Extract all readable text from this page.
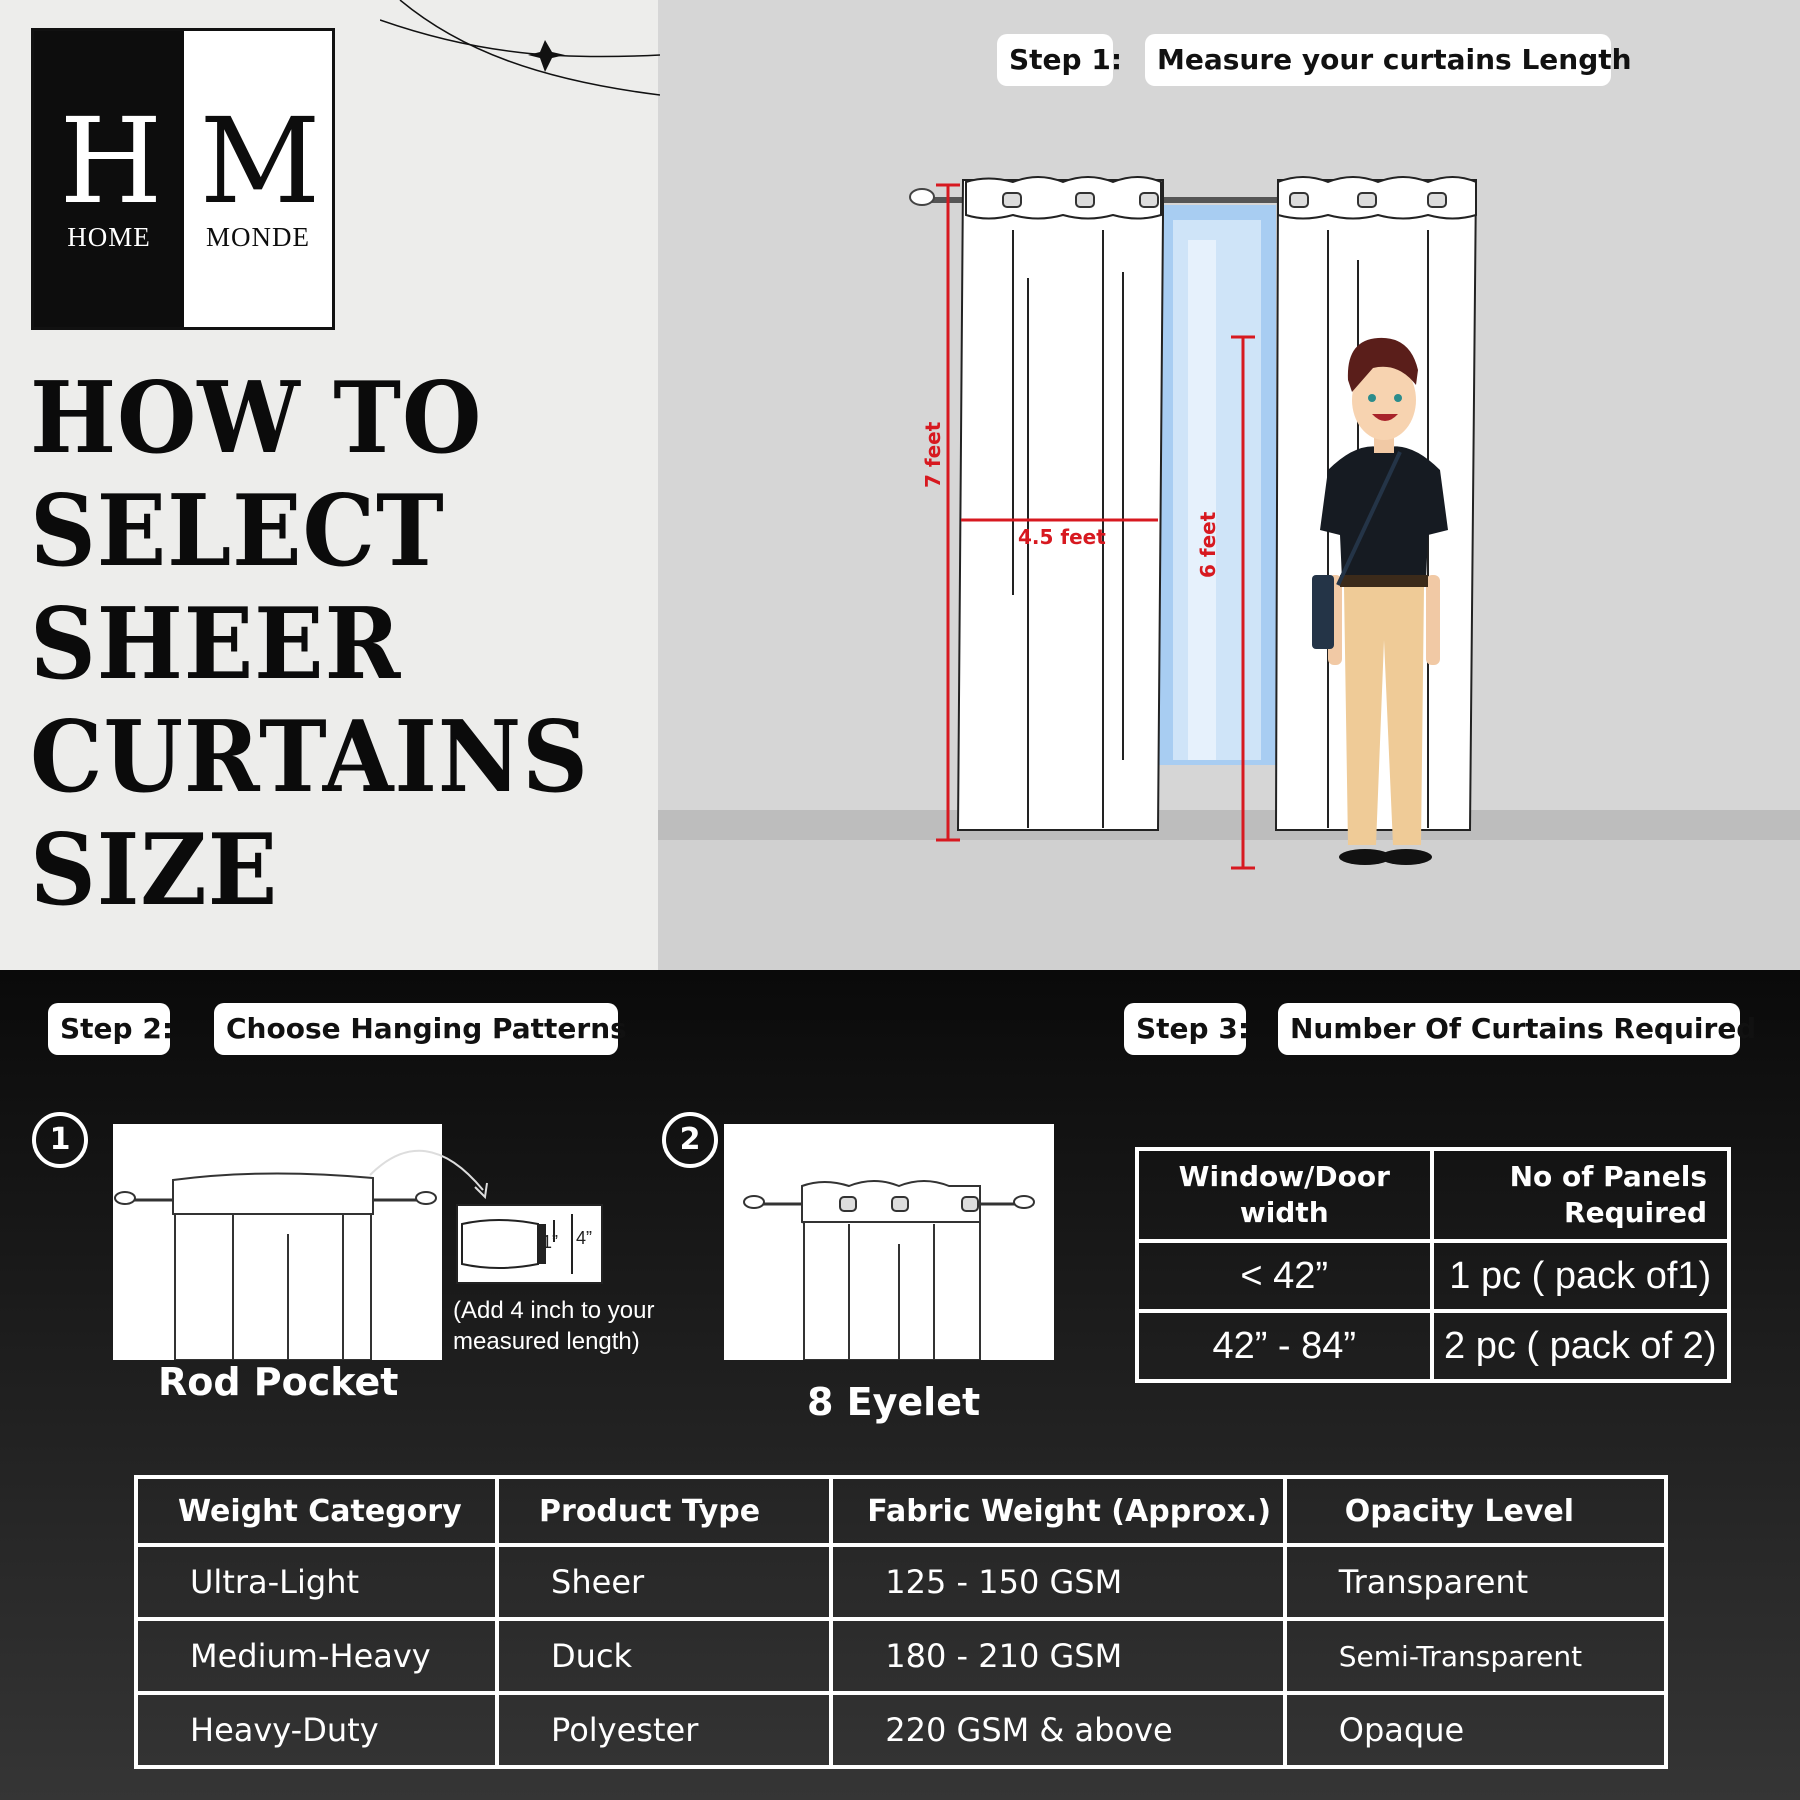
H
HOME
M
MONDE
HOW TO
SELECT
SHEER
CURTAINS
SIZE
Step 1:	Measure your curtains Length
7 feet
4.5 feet	6 feet
Step 2:	Choose Hanging Patterns	Step 3:	Number Of Curtains Required
1
1” 4”
(Add 4 inch to your measured length)
Rod Pocket
2
8 Eyelet
Window/Door width	No of Panels Required
< 42”	1 pc ( pack of1)
42” - 84”	2 pc ( pack of 2)
Weight Category	Product Type	Fabric Weight (Approx.)	Opacity Level
Ultra-Light	Sheer	125 - 150 GSM	Transparent
Medium-Heavy	Duck	180 - 210 GSM	Semi-Transparent
Heavy-Duty	Polyester	220 GSM & above	Opaque
